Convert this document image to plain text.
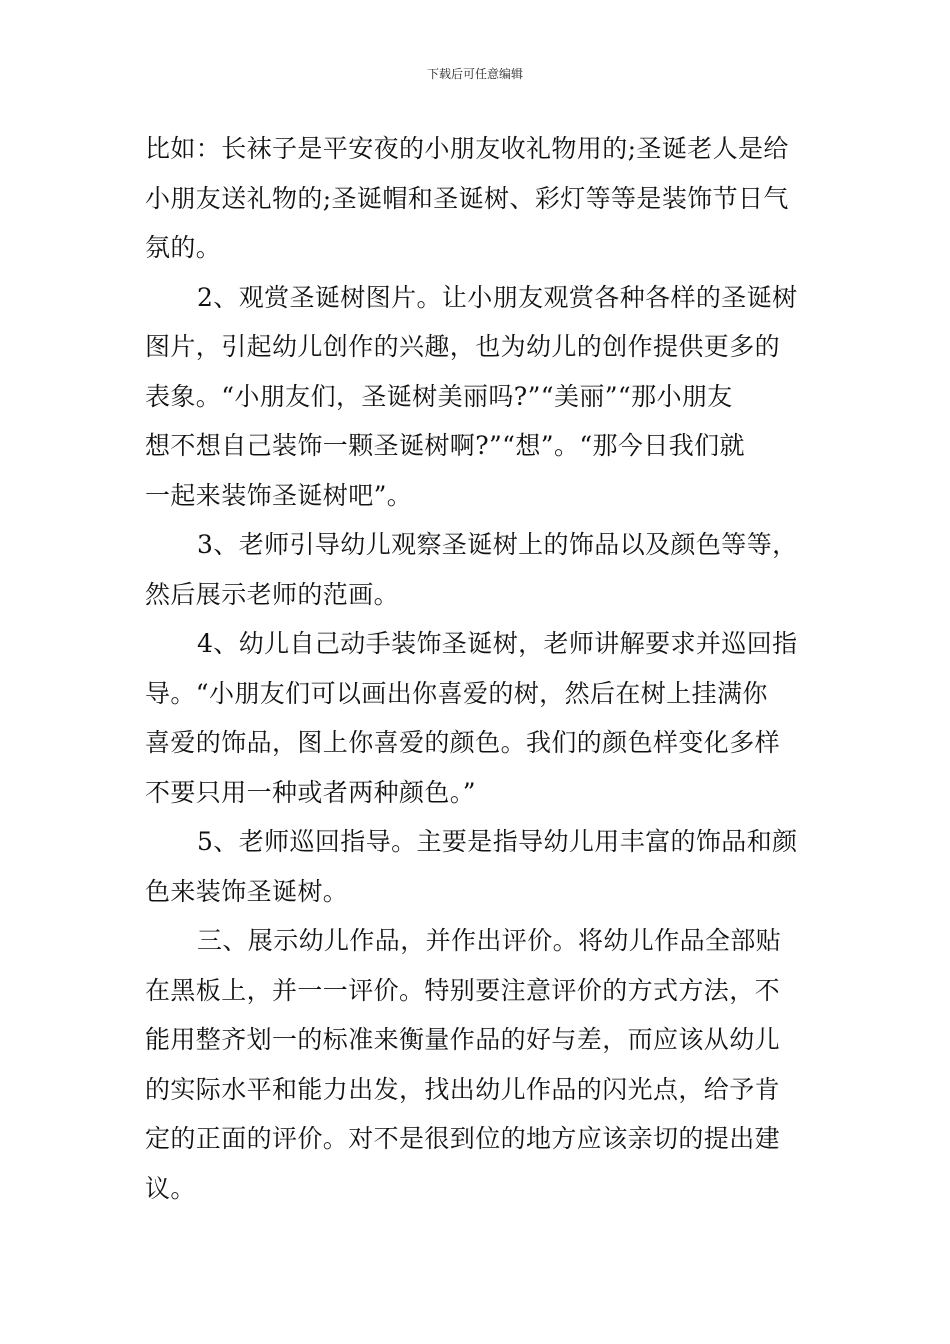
下载后可任意编辑
比如：长袜子是平安夜的小朋友收礼物用的;圣诞老人是给
小朋友送礼物的;圣诞帽和圣诞树、彩灯等等是装饰节日气
氛的。
2、观赏圣诞树图片。让小朋友观赏各种各样的圣诞树
图片，引起幼儿创作的兴趣，也为幼儿的创作提供更多的
表象。“小朋友们，圣诞树美丽吗?”“美丽”“那小朋友
想不想自己装饰一颗圣诞树啊?”“想”。“那今日我们就
一起来装饰圣诞树吧”。
3、老师引导幼儿观察圣诞树上的饰品以及颜色等等，
然后展示老师的范画。
4、幼儿自己动手装饰圣诞树，老师讲解要求并巡回指
导。“小朋友们可以画出你喜爱的树，然后在树上挂满你
喜爱的饰品，图上你喜爱的颜色。我们的颜色样变化多样
不要只用一种或者两种颜色。”
5、老师巡回指导。主要是指导幼儿用丰富的饰品和颜
色来装饰圣诞树。
三、展示幼儿作品，并作出评价。将幼儿作品全部贴
在黑板上，并一一评价。特别要注意评价的方式方法，不
能用整齐划一的标准来衡量作品的好与差，而应该从幼儿
的实际水平和能力出发，找出幼儿作品的闪光点，给予肯
定的正面的评价。对不是很到位的地方应该亲切的提出建
议。
